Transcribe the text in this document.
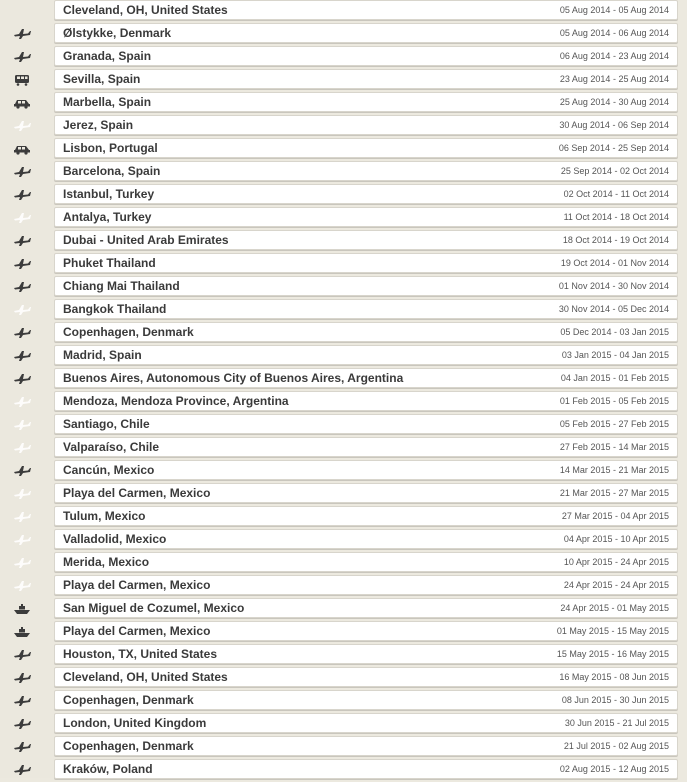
Cleveland, OH, United States	05 Aug 2014 - 05 Aug 2014
Ølstykke, Denmark	05 Aug 2014 - 06 Aug 2014
Granada, Spain	06 Aug 2014 - 23 Aug 2014
Sevilla, Spain	23 Aug 2014 - 25 Aug 2014
Marbella, Spain	25 Aug 2014 - 30 Aug 2014
Jerez, Spain	30 Aug 2014 - 06 Sep 2014
Lisbon, Portugal	06 Sep 2014 - 25 Sep 2014
Barcelona, Spain	25 Sep 2014 - 02 Oct 2014
Istanbul, Turkey	02 Oct 2014 - 11 Oct 2014
Antalya, Turkey	11 Oct 2014 - 18 Oct 2014
Dubai - United Arab Emirates	18 Oct 2014 - 19 Oct 2014
Phuket Thailand	19 Oct 2014 - 01 Nov 2014
Chiang Mai Thailand	01 Nov 2014 - 30 Nov 2014
Bangkok Thailand	30 Nov 2014 - 05 Dec 2014
Copenhagen, Denmark	05 Dec 2014 - 03 Jan 2015
Madrid, Spain	03 Jan 2015 - 04 Jan 2015
Buenos Aires, Autonomous City of Buenos Aires, Argentina	04 Jan 2015 - 01 Feb 2015
Mendoza, Mendoza Province, Argentina	01 Feb 2015 - 05 Feb 2015
Santiago, Chile	05 Feb 2015 - 27 Feb 2015
Valparaíso, Chile	27 Feb 2015 - 14 Mar 2015
Cancún, Mexico	14 Mar 2015 - 21 Mar 2015
Playa del Carmen, Mexico	21 Mar 2015 - 27 Mar 2015
Tulum, Mexico	27 Mar 2015 - 04 Apr 2015
Valladolid, Mexico	04 Apr 2015 - 10 Apr 2015
Merida, Mexico	10 Apr 2015 - 24 Apr 2015
Playa del Carmen, Mexico	24 Apr 2015 - 24 Apr 2015
San Miguel de Cozumel, Mexico	24 Apr 2015 - 01 May 2015
Playa del Carmen, Mexico	01 May 2015 - 15 May 2015
Houston, TX, United States	15 May 2015 - 16 May 2015
Cleveland, OH, United States	16 May 2015 - 08 Jun 2015
Copenhagen, Denmark	08 Jun 2015 - 30 Jun 2015
London, United Kingdom	30 Jun 2015 - 21 Jul 2015
Copenhagen, Denmark	21 Jul 2015 - 02 Aug 2015
Kraków, Poland	02 Aug 2015 - 12 Aug 2015
